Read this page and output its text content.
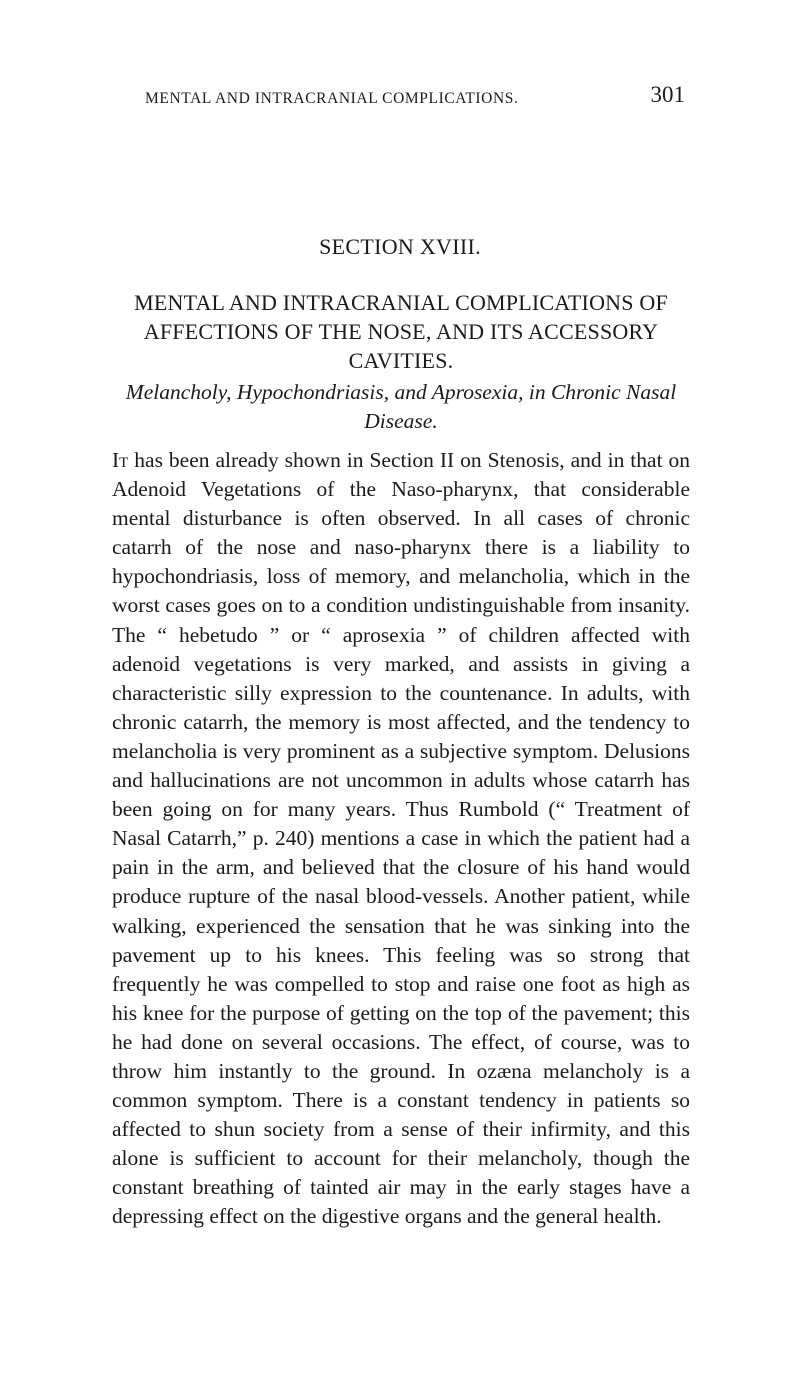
MENTAL AND INTRACRANIAL COMPLICATIONS.	301
SECTION XVIII.
MENTAL AND INTRACRANIAL COMPLICATIONS OF AFFECTIONS OF THE NOSE, AND ITS ACCESSORY CAVITIES.
Melancholy, Hypochondriasis, and Aprosexia, in Chronic Nasal Disease.

It has been already shown in Section II on Stenosis, and in that on Adenoid Vegetations of the Naso-pharynx, that considerable mental disturbance is often observed. In all cases of chronic catarrh of the nose and naso-pharynx there is a liability to hypochondriasis, loss of memory, and melancholia, which in the worst cases goes on to a condition undistinguishable from insanity. The “ hebetudo ” or “ aprosexia ” of children affected with adenoid vegetations is very marked, and assists in giving a characteristic silly expression to the countenance. In adults, with chronic catarrh, the memory is most affected, and the tendency to melancholia is very prominent as a subjective symptom. Delusions and hallucinations are not uncommon in adults whose catarrh has been going on for many years. Thus Rumbold (“ Treatment of Nasal Catarrh,” p. 240) mentions a case in which the patient had a pain in the arm, and believed that the closure of his hand would produce rupture of the nasal blood-vessels. Another patient, while walking, experienced the sensation that he was sinking into the pavement up to his knees. This feeling was so strong that frequently he was compelled to stop and raise one foot as high as his knee for the purpose of getting on the top of the pavement; this he had done on several occasions. The effect, of course, was to throw him instantly to the ground. In ozæna melancholy is a common symptom. There is a constant tendency in patients so affected to shun society from a sense of their infirmity, and this alone is sufficient to account for their melancholy, though the constant breathing of tainted air may in the early stages have a depressing effect on the digestive organs and the general health.
